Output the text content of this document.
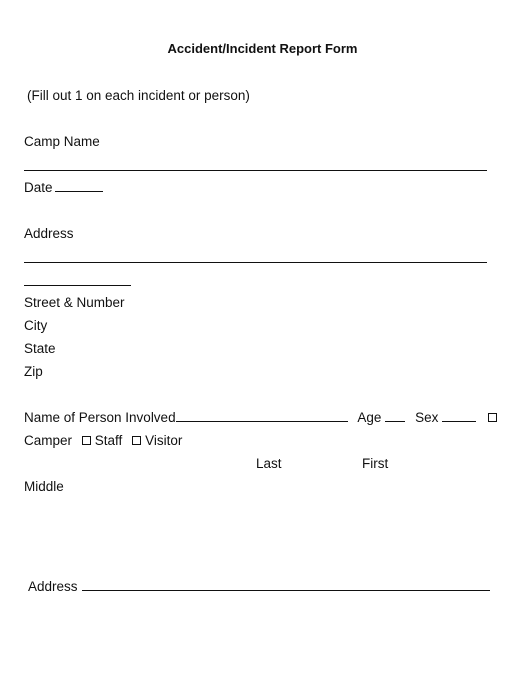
Accident/Incident Report Form
(Fill out 1 on each incident or person)
Camp Name
Date
Address
Street & Number
City
State
Zip
Name of Person Involved	Age	Sex
Camper Staff Visitor
Last	First
Middle
Address
